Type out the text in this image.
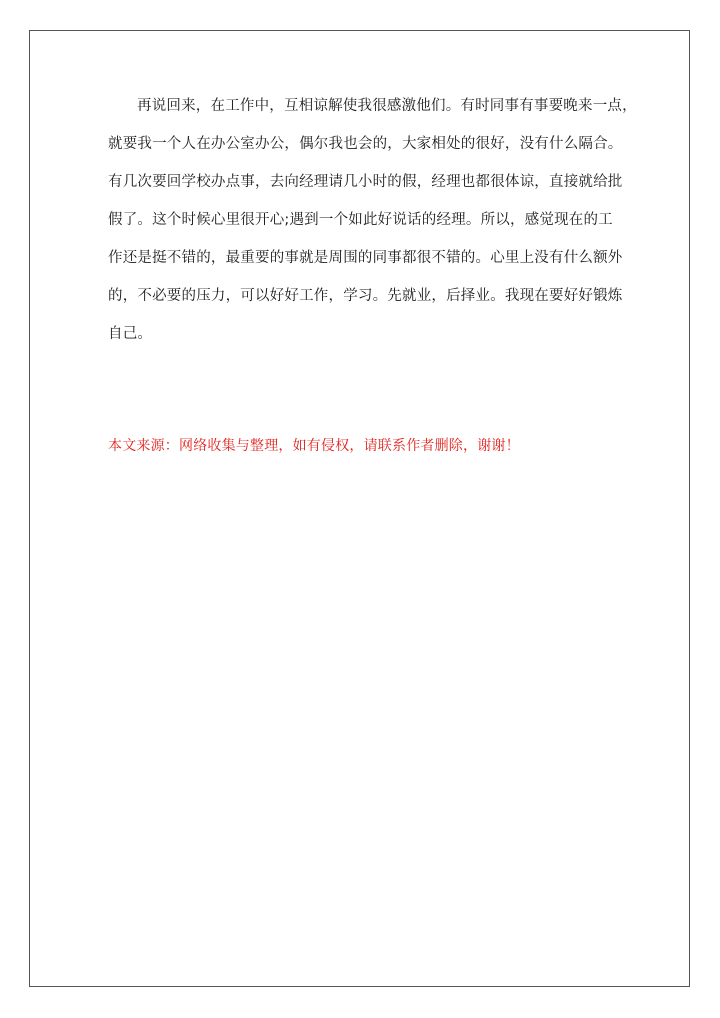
再说回来，在工作中，互相谅解使我很感激他们。有时同事有事要晚来一点，
就要我一个人在办公室办公，偶尔我也会的，大家相处的很好，没有什么隔合。
有几次要回学校办点事，去向经理请几小时的假，经理也都很体谅，直接就给批
假了。这个时候心里很开心;遇到一个如此好说话的经理。所以，感觉现在的工
作还是挺不错的，最重要的事就是周围的同事都很不错的。心里上没有什么额外
的，不必要的压力，可以好好工作，学习。先就业，后择业。我现在要好好锻炼
自己。
本文来源：网络收集与整理，如有侵权，请联系作者删除，谢谢！
